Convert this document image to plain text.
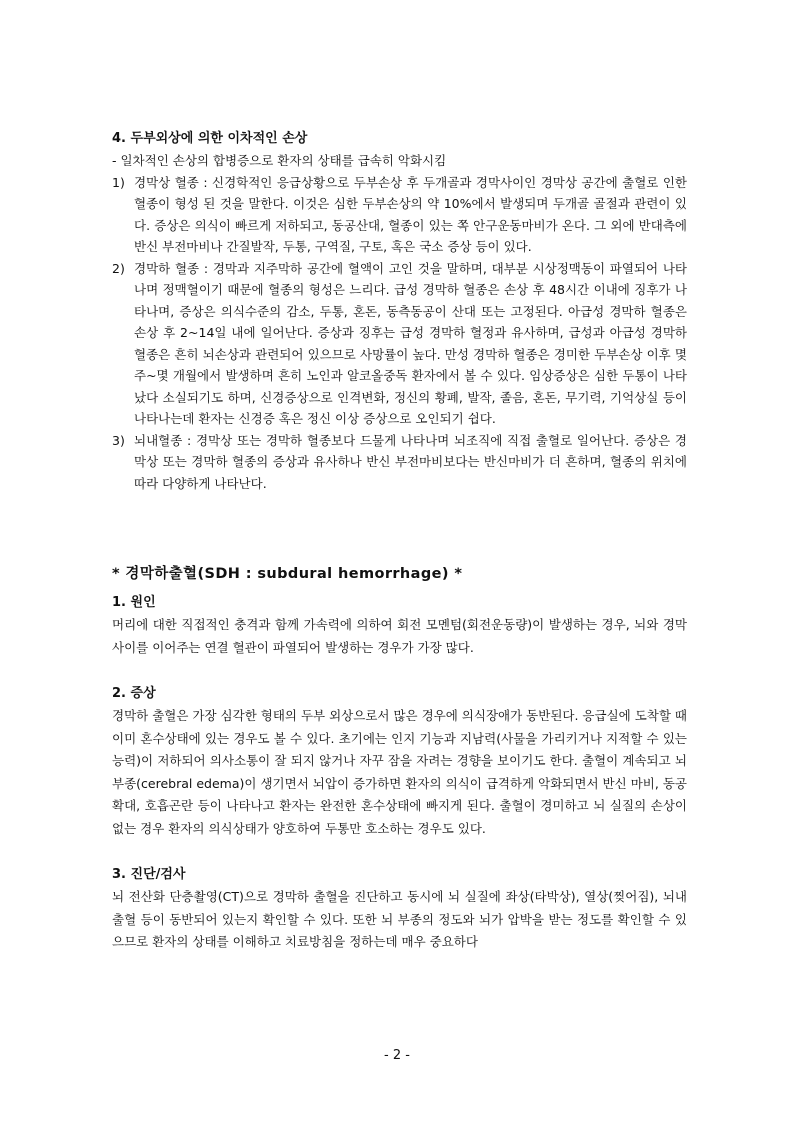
4. 두부외상에 의한 이차적인 손상

- 일차적인 손상의 합병증으로 환자의 상태를 급속히 악화시킴

1) 경막상 혈종 : 신경학적인 응급상황으로 두부손상 후 두개골과 경막사이인 경막상 공간에 출혈로 인한 혈종이 형성 된 것을 말한다. 이것은 심한 두부손상의 약 10%에서 발생되며 두개골 골절과 관련이 있다. 증상은 의식이 빠르게 저하되고, 동공산대, 혈종이 있는 쪽 안구운동마비가 온다. 그 외에 반대측에 반신 부전마비나 간질발작, 두통, 구역질, 구토, 혹은 국소 증상 등이 있다.
2) 경막하 혈종 : 경막과 지주막하 공간에 혈액이 고인 것을 말하며, 대부분 시상정맥동이 파열되어 나타나며 정맥혈이기 때문에 혈종의 형성은 느리다. 급성 경막하 혈종은 손상 후 48시간 이내에 징후가 나타나며, 증상은 의식수준의 감소, 두통, 혼돈, 동측동공이 산대 또는 고정된다. 아급성 경막하 혈종은 손상 후 2~14일 내에 일어난다. 증상과 징후는 급성 경막하 혈정과 유사하며, 급성과 아급성 경막하 혈종은 흔히 뇌손상과 관련되어 있으므로 사망률이 높다. 만성 경막하 혈종은 경미한 두부손상 이후 몇 주~몇 개월에서 발생하며 흔히 노인과 알코올중독 환자에서 볼 수 있다. 임상증상은 심한 두통이 나타났다 소실되기도 하며, 신경증상으로 인격변화, 정신의 황폐, 발작, 졸음, 혼돈, 무기력, 기억상실 등이 나타나는데 환자는 신경증 혹은 정신 이상 증상으로 오인되기 쉽다.
3) 뇌내혈종 : 경막상 또는 경막하 혈종보다 드물게 나타나며 뇌조직에 직접 출혈로 일어난다. 증상은 경막상 또는 경막하 혈종의 증상과 유사하나 반신 부전마비보다는 반신마비가 더 흔하며, 혈종의 위치에 따라 다양하게 나타난다.
* 경막하출혈(SDH : subdural hemorrhage) *
1. 원인

머리에 대한 직접적인 충격과 함께 가속력에 의하여 회전 모멘텀(회전운동량)이 발생하는 경우, 뇌와 경막 사이를 이어주는 연결 혈관이 파열되어 발생하는 경우가 가장 많다.

2. 증상

경막하 출혈은 가장 심각한 형태의 두부 외상으로서 많은 경우에 의식장애가 동반된다. 응급실에 도착할 때 이미 혼수상태에 있는 경우도 볼 수 있다. 초기에는 인지 기능과 지남력(사물을 가리키거나 지적할 수 있는 능력)이 저하되어 의사소통이 잘 되지 않거나 자꾸 잠을 자려는 경향을 보이기도 한다. 출혈이 계속되고 뇌 부종(cerebral edema)이 생기면서 뇌압이 증가하면 환자의 의식이 급격하게 악화되면서 반신 마비, 동공 확대, 호흡곤란 등이 나타나고 환자는 완전한 혼수상태에 빠지게 된다. 출혈이 경미하고 뇌 실질의 손상이 없는 경우 환자의 의식상태가 양호하여 두통만 호소하는 경우도 있다.

3. 진단/검사

뇌 전산화 단층촬영(CT)으로 경막하 출혈을 진단하고 동시에 뇌 실질에 좌상(타박상), 열상(찢어짐), 뇌내출혈 등이 동반되어 있는지 확인할 수 있다. 또한 뇌 부종의 정도와 뇌가 압박을 받는 정도를 확인할 수 있으므로 환자의 상태를 이해하고 치료방침을 정하는데 매우 중요하다

- 2 -
